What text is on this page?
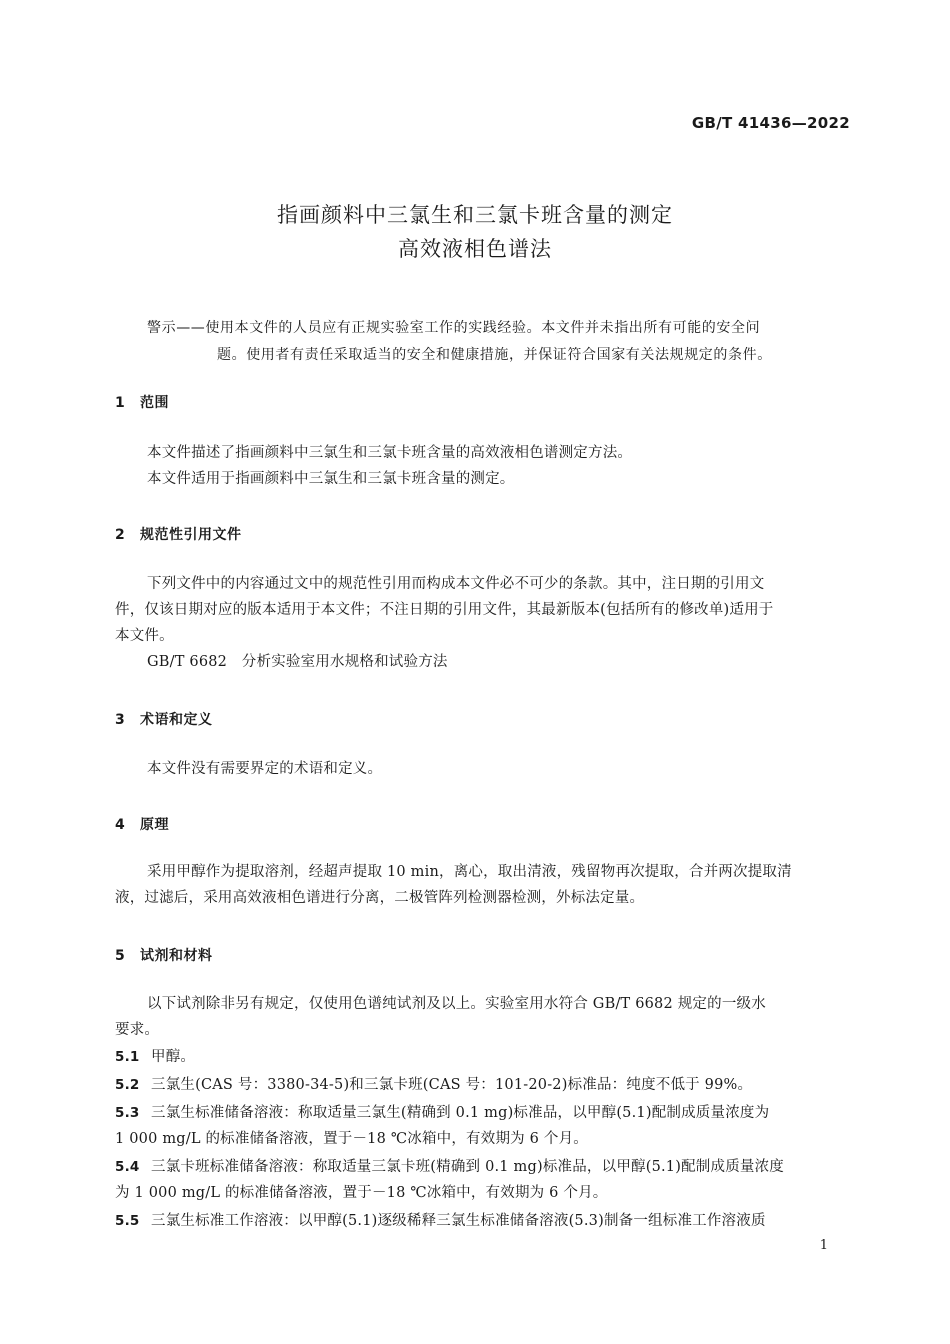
GB/T 41436—2022
指画颜料中三氯生和三氯卡班含量的测定
高效液相色谱法
警示——使用本文件的人员应有正规实验室工作的实践经验。本文件并未指出所有可能的安全问
题。使用者有责任采取适当的安全和健康措施，并保证符合国家有关法规规定的条件。
1 范围
本文件描述了指画颜料中三氯生和三氯卡班含量的高效液相色谱测定方法。
本文件适用于指画颜料中三氯生和三氯卡班含量的测定。
2 规范性引用文件
下列文件中的内容通过文中的规范性引用而构成本文件必不可少的条款。其中，注日期的引用文
件，仅该日期对应的版本适用于本文件；不注日期的引用文件，其最新版本(包括所有的修改单)适用于
本文件。
GB/T 6682　分析实验室用水规格和试验方法
3 术语和定义
本文件没有需要界定的术语和定义。
4 原理
采用甲醇作为提取溶剂，经超声提取 10 min，离心，取出清液，残留物再次提取，合并两次提取清
液，过滤后，采用高效液相色谱进行分离，二极管阵列检测器检测，外标法定量。
5 试剂和材料
以下试剂除非另有规定，仅使用色谱纯试剂及以上。实验室用水符合 GB/T 6682 规定的一级水
要求。
5.1 甲醇。
5.2 三氯生(CAS 号：3380-34-5)和三氯卡班(CAS 号：101-20-2)标准品：纯度不低于 99%。
5.3 三氯生标准储备溶液：称取适量三氯生(精确到 0.1 mg)标准品，以甲醇(5.1)配制成质量浓度为
1 000 mg/L 的标准储备溶液，置于－18 ℃冰箱中，有效期为 6 个月。
5.4 三氯卡班标准储备溶液：称取适量三氯卡班(精确到 0.1 mg)标准品，以甲醇(5.1)配制成质量浓度
为 1 000 mg/L 的标准储备溶液，置于－18 ℃冰箱中，有效期为 6 个月。
5.5 三氯生标准工作溶液：以甲醇(5.1)逐级稀释三氯生标准储备溶液(5.3)制备一组标准工作溶液质
1
